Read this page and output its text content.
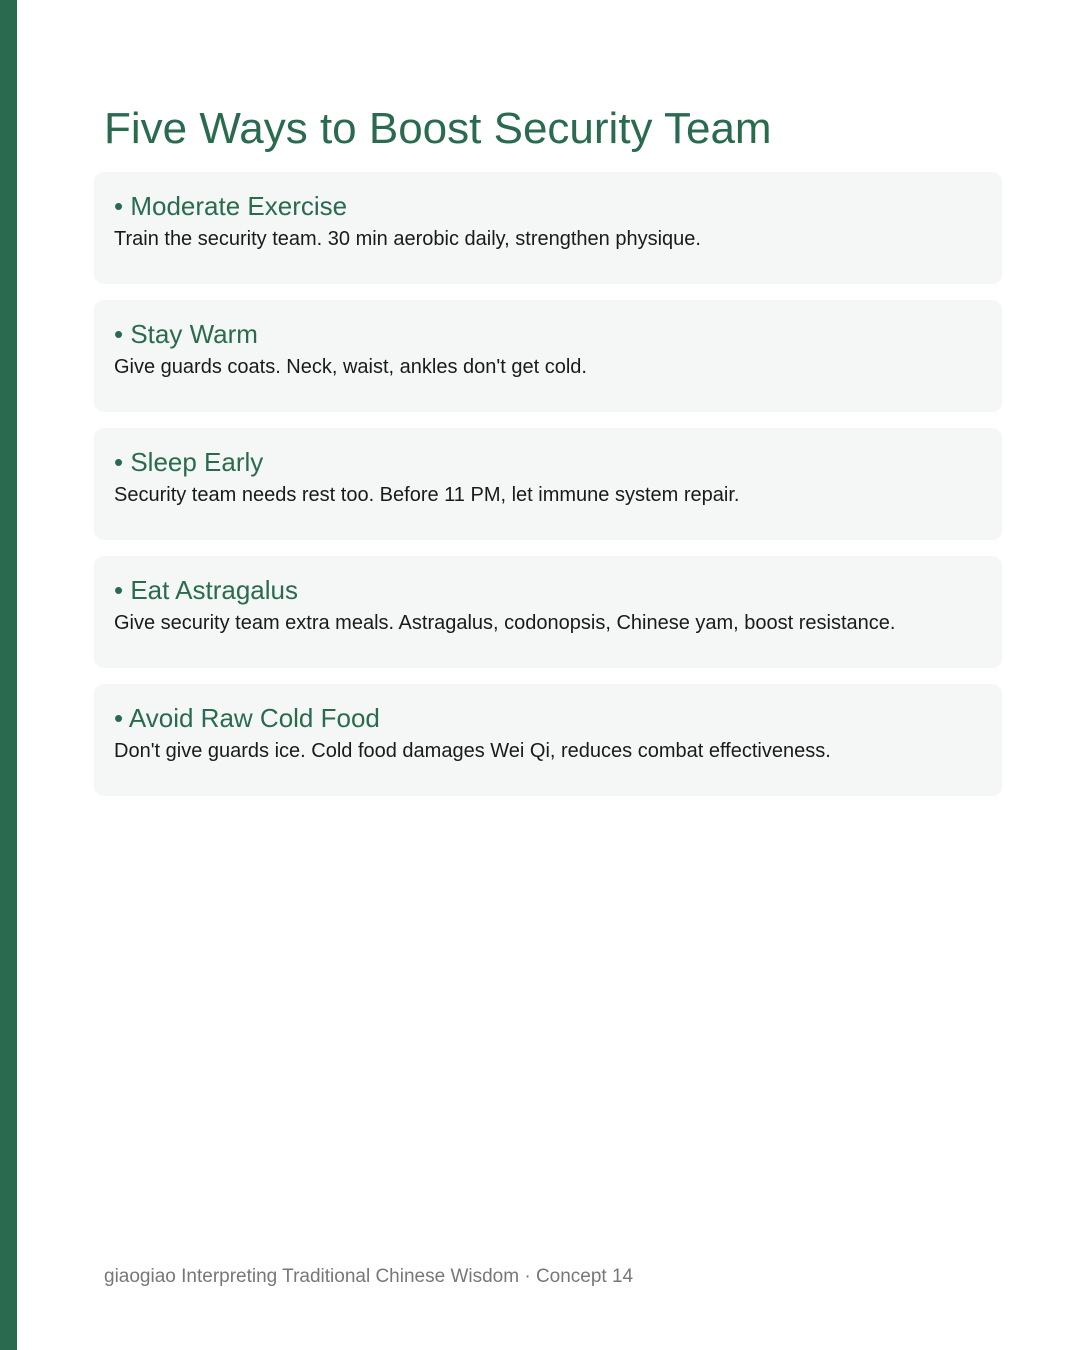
Five Ways to Boost Security Team
• Moderate Exercise

Train the security team. 30 min aerobic daily, strengthen physique.

• Stay Warm

Give guards coats. Neck, waist, ankles don't get cold.

• Sleep Early

Security team needs rest too. Before 11 PM, let immune system repair.

• Eat Astragalus

Give security team extra meals. Astragalus, codonopsis, Chinese yam, boost resistance.

• Avoid Raw Cold Food

Don't give guards ice. Cold food damages Wei Qi, reduces combat effectiveness.

giaogiao Interpreting Traditional Chinese Wisdom · Concept 14
